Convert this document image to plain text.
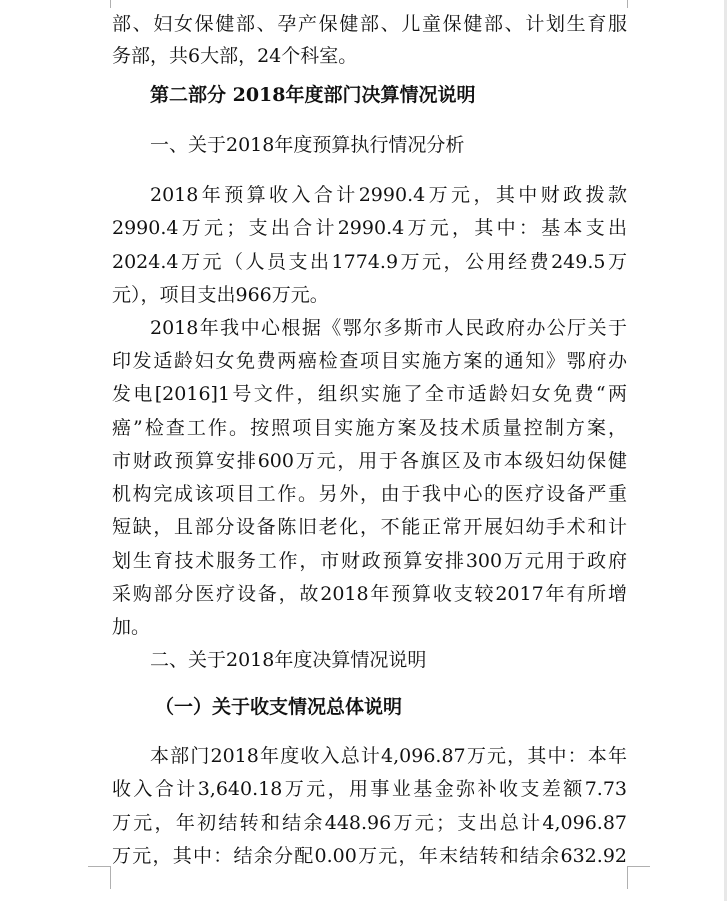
部、妇女保健部、孕产保健部、儿童保健部、计划生育服
务部，共6大部，24个科室。
第二部分 2018年度部门决算情况说明
一、关于2018年度预算执行情况分析
2018年预算收入合计2990.4万元，其中财政拨款
2990.4万元；支出合计2990.4万元，其中：基本支出
2024.4万元（人员支出1774.9万元，公用经费249.5万
元），项目支出966万元。
2018年我中心根据《鄂尔多斯市人民政府办公厅关于
印发适龄妇女免费两癌检查项目实施方案的通知》鄂府办
发电[2016]1号文件，组织实施了全市适龄妇女免费“两
癌”检查工作。按照项目实施方案及技术质量控制方案，
市财政预算安排600万元，用于各旗区及市本级妇幼保健
机构完成该项目工作。另外，由于我中心的医疗设备严重
短缺，且部分设备陈旧老化，不能正常开展妇幼手术和计
划生育技术服务工作，市财政预算安排300万元用于政府
采购部分医疗设备，故2018年预算收支较2017年有所增
加。
二、关于2018年度决算情况说明
（一）关于收支情况总体说明
本部门2018年度收入总计4,096.87万元，其中：本年
收入合计3,640.18万元，用事业基金弥补收支差额7.73
万元，年初结转和结余448.96万元；支出总计4,096.87
万元，其中：结余分配0.00万元，年末结转和结余632.92
